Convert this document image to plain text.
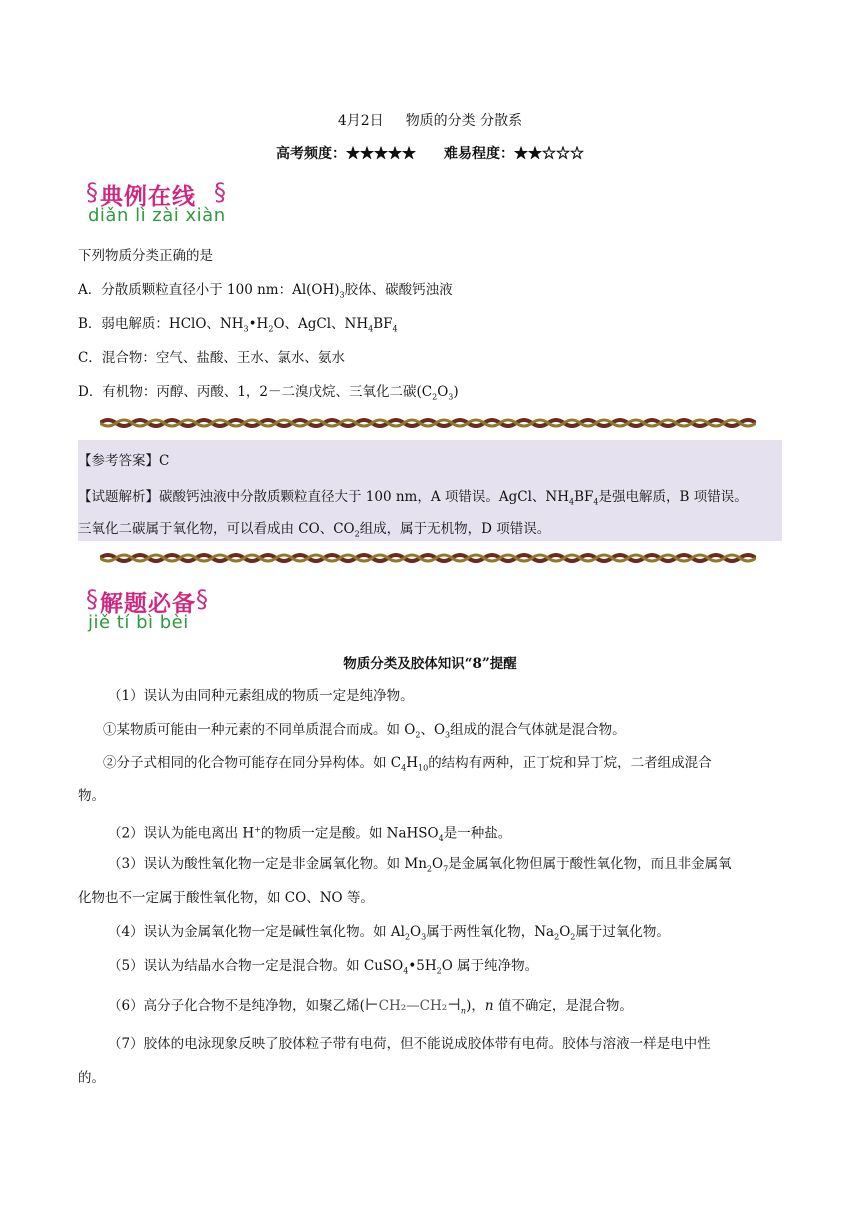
4月2日 物质的分类 分散系
高考频度：★★★★★ 难易程度：★★☆☆☆
§ 典例在线 §
diǎn lì zài xiàn
下列物质分类正确的是
A．分散质颗粒直径小于 100 nm：$Al(OH)_3$胶体、碳酸钙浊液
B．弱电解质：HClO、$NH_3•H_2O$、AgCl、$NH_4BF_4$
C．混合物：空气、盐酸、王水、氯水、氨水
D．有机物：丙醇、丙酸、1，2－二溴戊烷、三氧化二碳$(C_2O_3)$
【参考答案】C
【试题解析】碳酸钙浊液中分散质颗粒直径大于 100 nm，A 项错误。AgCl、$NH_4BF_4$是强电解质，B 项错误。
三氧化二碳属于氧化物，可以看成由 CO、$CO_2$组成，属于无机物，D 项错误。
§ 解题必备 §
jiě tí bì bèi
物质分类及胶体知识“8”提醒
（1）误认为由同种元素组成的物质一定是纯净物。
①某物质可能由一种元素的不同单质混合而成。如 $O_2$、$O_3$组成的混合气体就是混合物。
②分子式相同的化合物可能存在同分异构体。如 $C_4H_{10}$的结构有两种，正丁烷和异丁烷，二者组成混合
物。
（2）误认为能电离出 H+的物质一定是酸。如 NaHSO$_4$是一种盐。
（3）误认为酸性氧化物一定是非金属氧化物。如 $Mn_2O_7$是金属氧化物但属于酸性氧化物，而且非金属氧
化物也不一定属于酸性氧化物，如 CO、NO 等。
（4）误认为金属氧化物一定是碱性氧化物。如 $Al_2O_3$属于两性氧化物，$Na_2O_2$属于过氧化物。
（5）误认为结晶水合物一定是混合物。如 $CuSO_4•5H_2O$ 属于纯净物。
（6）高分子化合物不是纯净物，如聚乙烯$(⊢CH_2—CH_2⊣_n)$，n 值不确定，是混合物。
（7）胶体的电泳现象反映了胶体粒子带有电荷，但不能说成胶体带有电荷。胶体与溶液一样是电中性
的。
